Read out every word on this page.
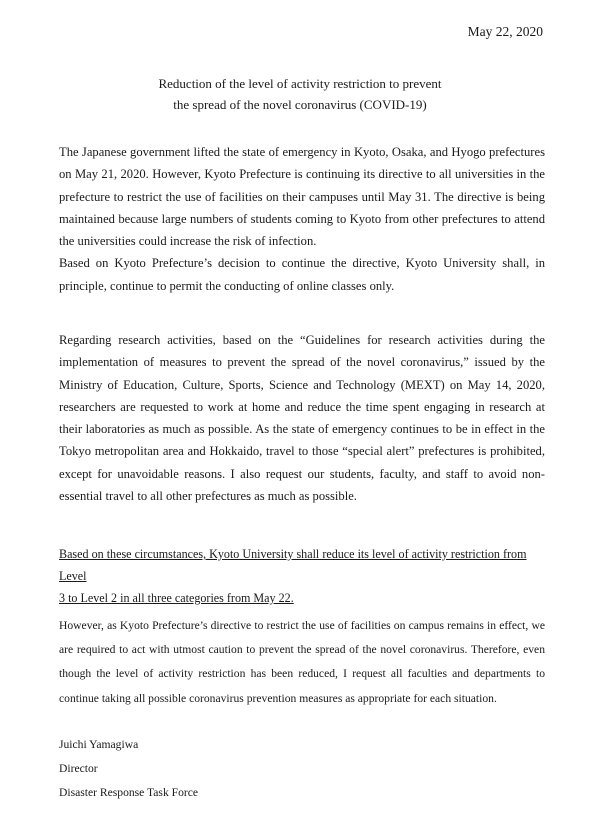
May 22, 2020
Reduction of the level of activity restriction to prevent
the spread of the novel coronavirus (COVID-19)

The Japanese government lifted the state of emergency in Kyoto, Osaka, and Hyogo prefectures on May 21, 2020. However, Kyoto Prefecture is continuing its directive to all universities in the prefecture to restrict the use of facilities on their campuses until May 31. The directive is being maintained because large numbers of students coming to Kyoto from other prefectures to attend the universities could increase the risk of infection.

Based on Kyoto Prefecture’s decision to continue the directive, Kyoto University shall, in principle, continue to permit the conducting of online classes only.

Regarding research activities, based on the “Guidelines for research activities during the implementation of measures to prevent the spread of the novel coronavirus,” issued by the Ministry of Education, Culture, Sports, Science and Technology (MEXT) on May 14, 2020, researchers are requested to work at home and reduce the time spent engaging in research at their laboratories as much as possible. As the state of emergency continues to be in effect in the Tokyo metropolitan area and Hokkaido, travel to those “special alert” prefectures is prohibited, except for unavoidable reasons. I also request our students, faculty, and staff to avoid non-essential travel to all other prefectures as much as possible.

Based on these circumstances, Kyoto University shall reduce its level of activity restriction from Level
3 to Level 2 in all three categories from May 22.

However, as Kyoto Prefecture’s directive to restrict the use of facilities on campus remains in effect, we are required to act with utmost caution to prevent the spread of the novel coronavirus. Therefore, even though the level of activity restriction has been reduced, I request all faculties and departments to continue taking all possible coronavirus prevention measures as appropriate for each situation.

Juichi Yamagiwa
Director
Disaster Response Task Force
